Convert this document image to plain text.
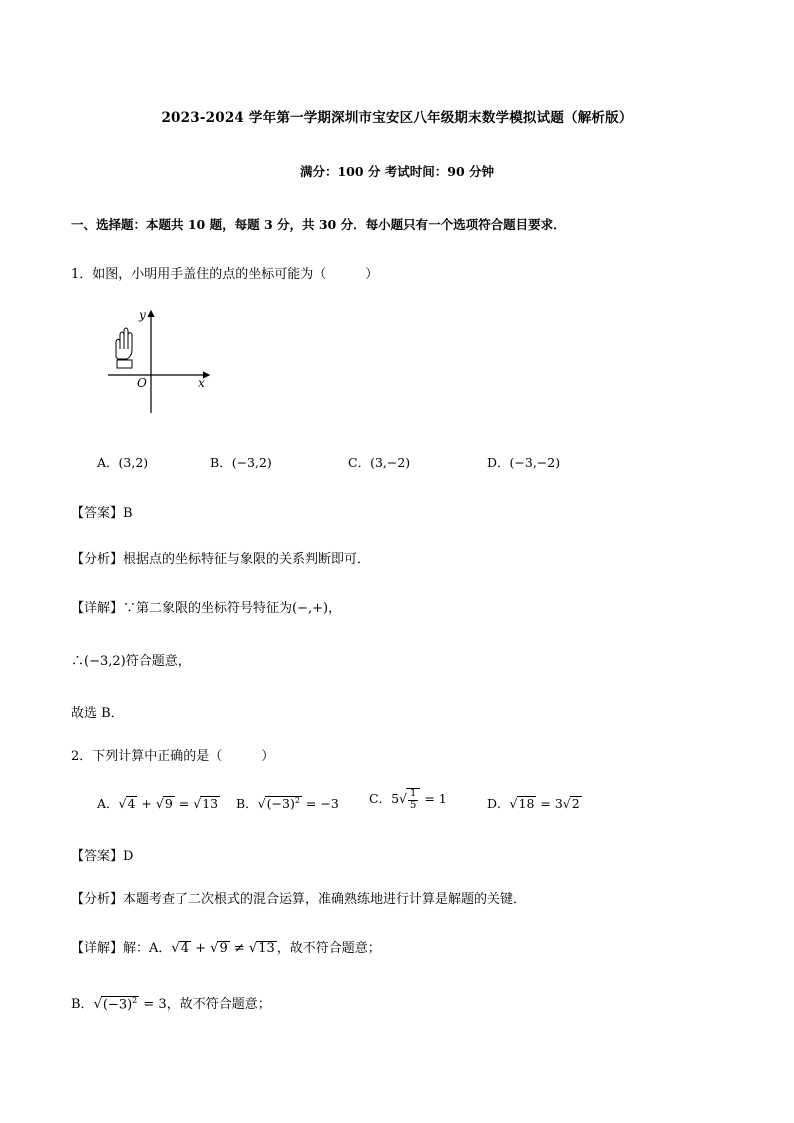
2023-2024 学年第一学期深圳市宝安区八年级期末数学模拟试题（解析版）
满分：100 分 考试时间：90 分钟
一、选择题：本题共 10 题，每题 3 分，共 30 分．每小题只有一个选项符合题目要求．
1．如图，小明用手盖住的点的坐标可能为（　　　）
y
x
O
A．(3,2)	B．(−3,2)	C．(3,−2)	D．(−3,−2)
【答案】B
【分析】根据点的坐标特征与象限的关系判断即可．
【详解】∵第二象限的坐标符号特征为(−,+)，
∴(−3,2)符合题意，
故选 B．
2．下列计算中正确的是（　　　）
A．√4 + √9 = √13 B．$√(-3)^2 = -3$ C．$5√ \frac{1}{5} = 1$	D．√18 = 3√2
【答案】D
【分析】本题考查了二次根式的混合运算，准确熟练地进行计算是解题的关键．
【详解】解：A．√4 + √9 ≠ √13 ，故不符合题意；
B．$√(-3)^2 = 3$，故不符合题意；
